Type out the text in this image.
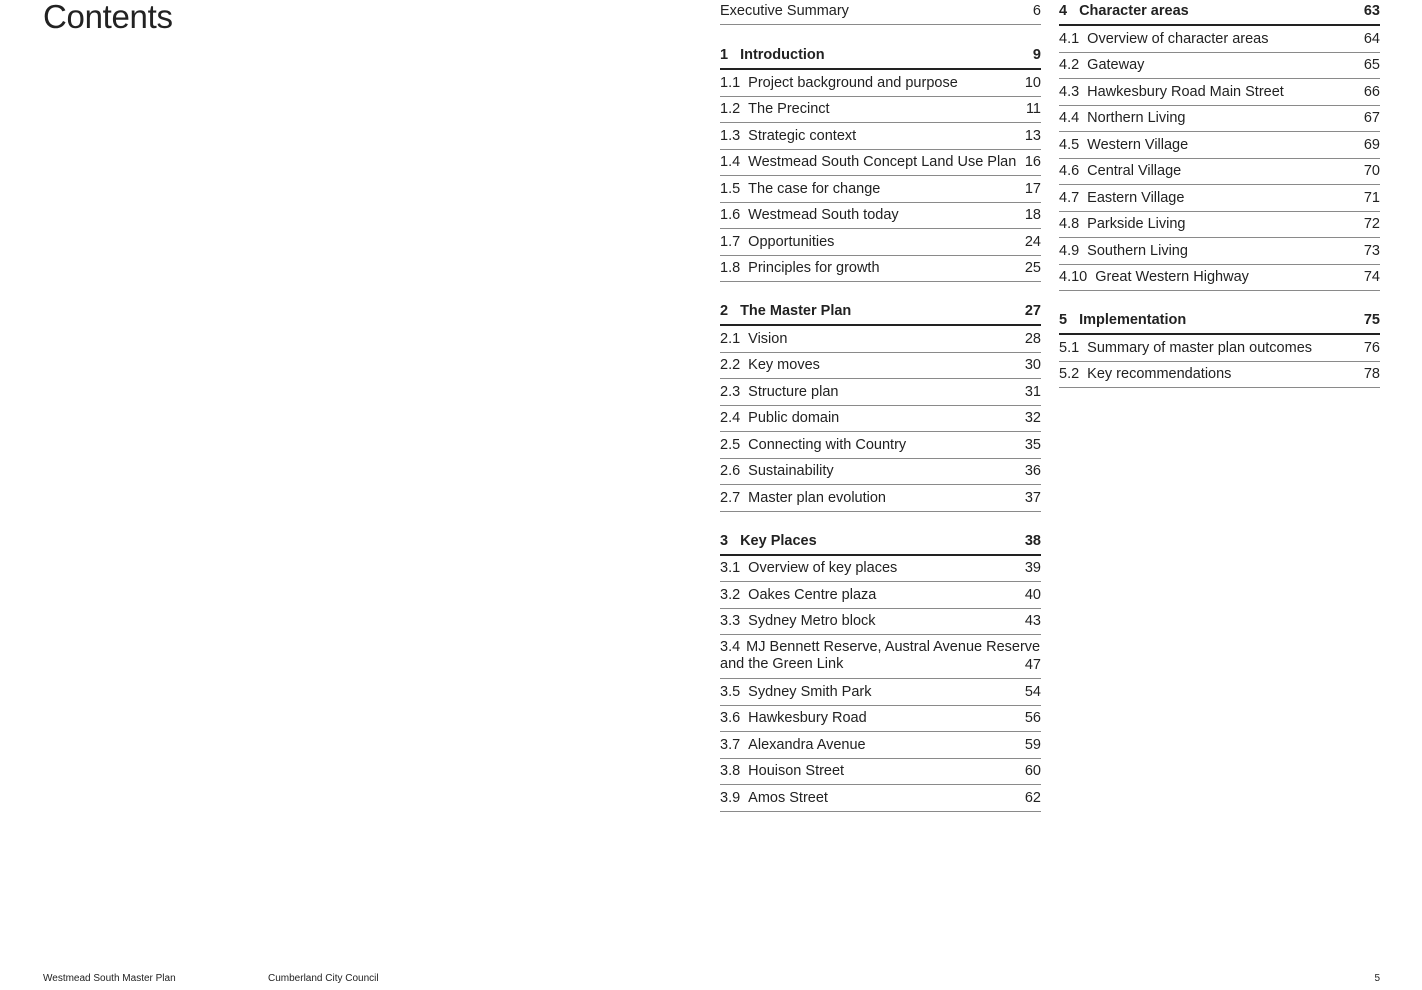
Contents	Executive Summary	6
1 Introduction	9
1.1 Project background and purpose	10
1.2 The Precinct	11
1.3 Strategic context	13
1.4 Westmead South Concept Land Use Plan 16
1.5 The case for change	17
1.6 Westmead South today	18
1.7 Opportunities	24
1.8 Principles for growth	25
2 The Master Plan	27
2.1 Vision	28
2.2 Key moves	30
2.3 Structure plan	31
2.4 Public domain	32
2.5 Connecting with Country	35
2.6 Sustainability	36
2.7 Master plan evolution	37
3 Key Places	38
3.1 Overview of key places	39
3.2 Oakes Centre plaza	40
3.3 Sydney Metro block	43
3.4 MJ Bennett Reserve, Austral Avenue Reserve and the Green Link	47
3.5 Sydney Smith Park	54
3.6 Hawkesbury Road	56
3.7 Alexandra Avenue	59
3.8 Houison Street	60
3.9 Amos Street	62
4 Character areas	63
4.1 Overview of character areas	64
4.2 Gateway	65
4.3 Hawkesbury Road Main Street	66
4.4 Northern Living	67
4.5 Western Village	69
4.6 Central Village	70
4.7 Eastern Village	71
4.8 Parkside Living	72
4.9 Southern Living	73
4.10 Great Western Highway	74
5 Implementation	75
5.1 Summary of master plan outcomes	76
5.2 Key recommendations	78
Westmead South Master Plan	Cumberland City Council	5
